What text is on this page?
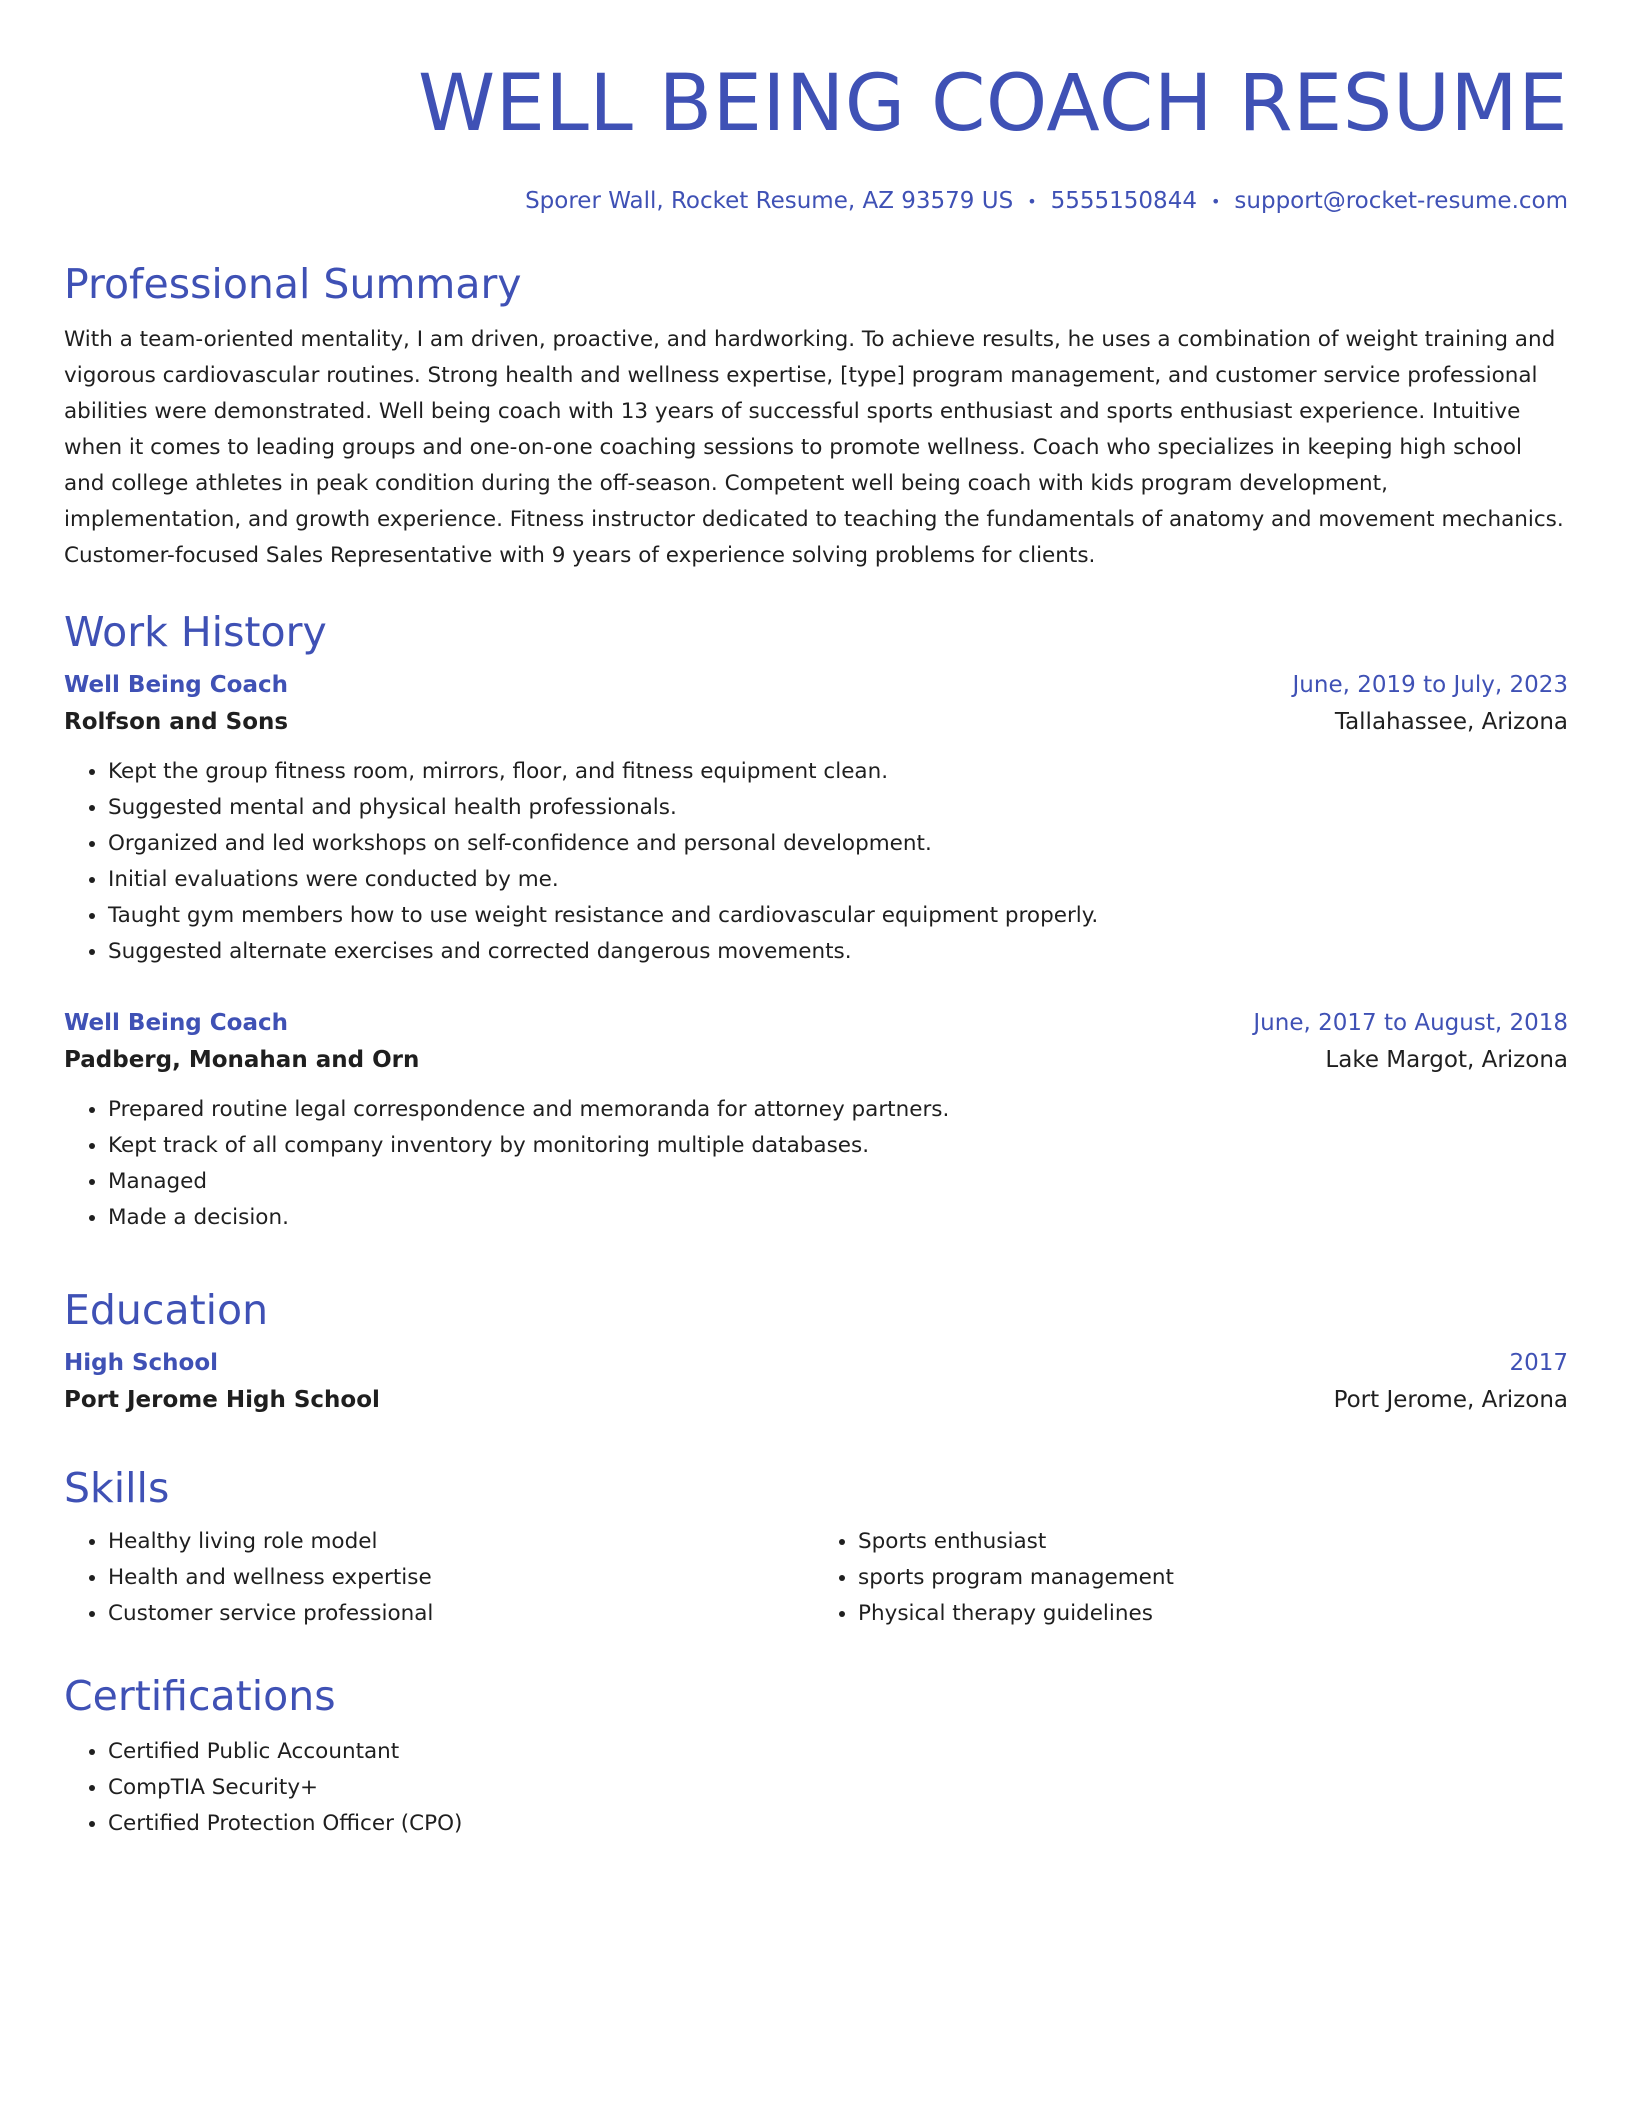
WELL BEING COACH RESUME
Sporer Wall, Rocket Resume, AZ 93579 US • 5555150844 • support@rocket-resume.com
Professional Summary

With a team-oriented mentality, I am driven, proactive, and hardworking. To achieve results, he uses a combination of weight training and vigorous cardiovascular routines. Strong health and wellness expertise, [type] program management, and customer service professional abilities were demonstrated. Well being coach with 13 years of successful sports enthusiast and sports enthusiast experience. Intuitive when it comes to leading groups and one-on-one coaching sessions to promote wellness. Coach who specializes in keeping high school and college athletes in peak condition during the off-season. Competent well being coach with kids program development, implementation, and growth experience. Fitness instructor dedicated to teaching the fundamentals of anatomy and movement mechanics. Customer-focused Sales Representative with 9 years of experience solving problems for clients.

Work History
Well Being Coach	June, 2019 to July, 2023
Rolfson and Sons	Tallahassee, Arizona
• Kept the group fitness room, mirrors, floor, and fitness equipment clean.
• Suggested mental and physical health professionals.
• Organized and led workshops on self-confidence and personal development.
• Initial evaluations were conducted by me.
• Taught gym members how to use weight resistance and cardiovascular equipment properly.
• Suggested alternate exercises and corrected dangerous movements.
Well Being Coach	June, 2017 to August, 2018
Padberg, Monahan and Orn	Lake Margot, Arizona
• Prepared routine legal correspondence and memoranda for attorney partners.
• Kept track of all company inventory by monitoring multiple databases.
• Managed
• Made a decision.
Education
High School	2017
Port Jerome High School	Port Jerome, Arizona
Skills
• Healthy living role model
• Health and wellness expertise
• Customer service professional
• Sports enthusiast
• sports program management
• Physical therapy guidelines
Certifications
• Certified Public Accountant
• CompTIA Security+
• Certified Protection Officer (CPO)
